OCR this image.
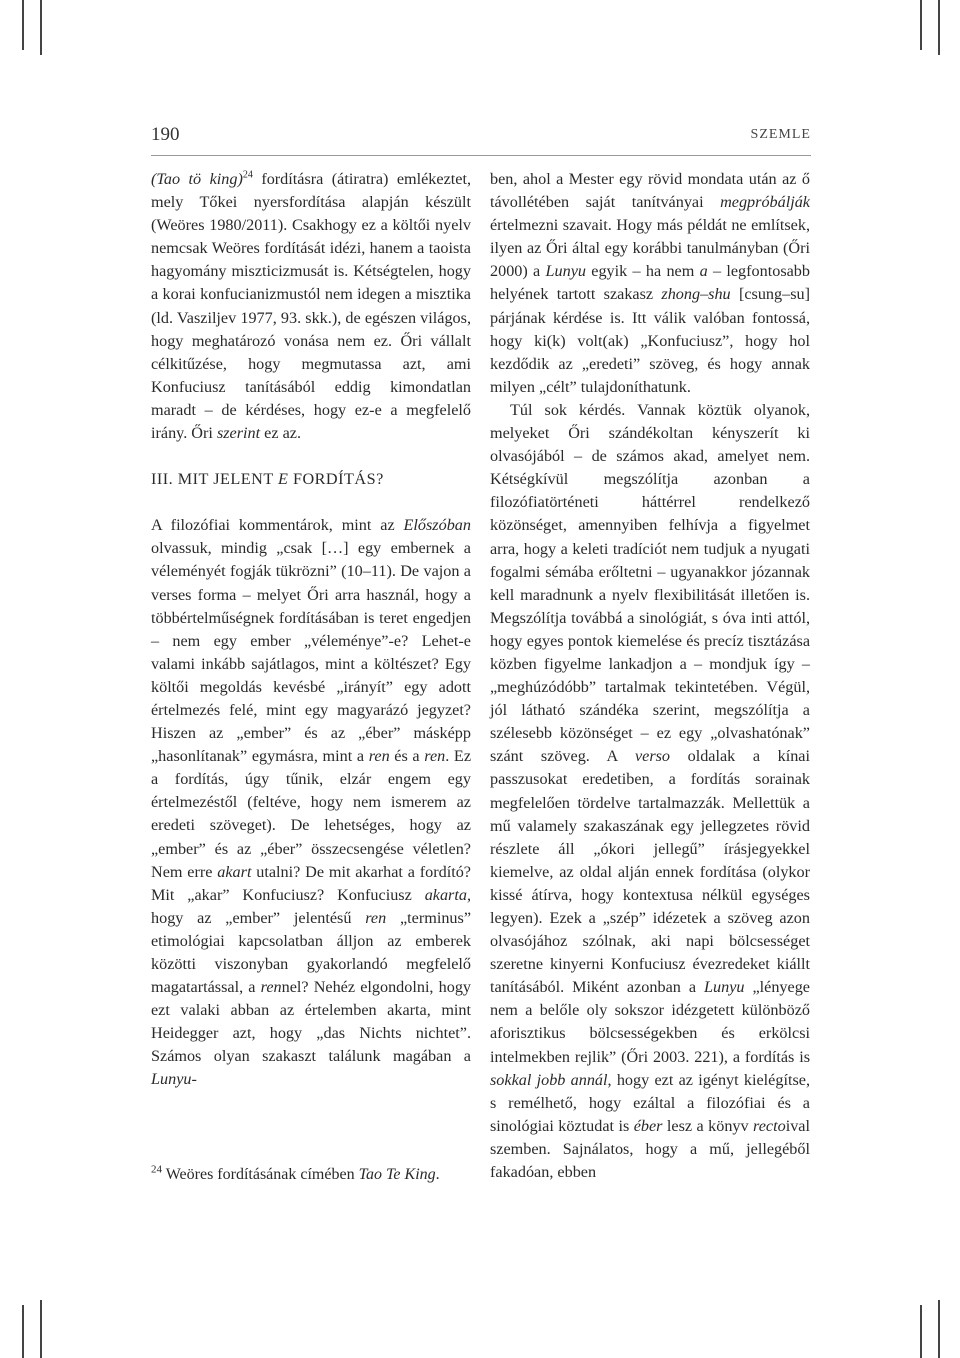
190	SZEMLE

(Tao tö king)$^{24}$ fordításra (átiratra) emlékeztet, mely Tőkei nyersfordítása alapján készült (Weöres 1980/2011). Csakhogy ez a költői nyelv nemcsak Weöres fordítását idézi, hanem a taoista hagyomány miszticizmusát is. Kétségtelen, hogy a korai konfucianizmustól nem idegen a misztika (ld. Vasziljev 1977, 93. skk.), de egészen világos, hogy meghatározó vonása nem ez. Őri vállalt célkitűzése, hogy megmutassa azt, ami Konfuciusz tanításából eddig kimondatlan maradt – de kérdéses, hogy ez-e a megfelelő irány. Őri szerint ez az.

III. MIT JELENT E FORDÍTÁS?

A filozófiai kommentárok, mint az Előszóban olvassuk, mindig „csak […] egy embernek a véleményét fogják tükrözni” (10–11). De vajon a verses forma – melyet Őri arra használ, hogy a többértelműségnek fordításában is teret engedjen – nem egy ember „véleménye”-e? Lehet-e valami inkább sajátlagos, mint a költészet? Egy költői megoldás kevésbé „irányít” egy adott értelmezés felé, mint egy magyarázó jegyzet? Hiszen az „ember” és az „éber” másképp „hasonlítanak” egymásra, mint a ren és a ren. Ez a fordítás, úgy tűnik, elzár engem egy értelmezéstől (feltéve, hogy nem ismerem az eredeti szöveget). De lehetséges, hogy az „ember” és az „éber” összecsengése véletlen? Nem erre akart utalni? De mit akarhat a fordító? Mit „akar” Konfuciusz? Konfuciusz akarta, hogy az „ember” jelentésű ren „terminus” etimológiai kapcsolatban álljon az emberek közötti viszonyban gyakorlandó megfelelő magatartással, a rennel? Nehéz elgondolni, hogy ezt valaki abban az értelemben akarta, mint Heidegger azt, hogy „das Nichts nichtet”. Számos olyan szakaszt találunk magában a Lunyu-

$^{24}$ Weöres fordításának címében Tao Te King.

ben, ahol a Mester egy rövid mondata után az ő távollétében saját tanítványai megpróbálják értelmezni szavait. Hogy más példát ne említsek, ilyen az Őri által egy korábbi tanulmányban (Őri 2000) a Lunyu egyik – ha nem a – legfontosabb helyének tartott szakasz zhong–shu [csung–su] párjának kérdése is. Itt válik valóban fontossá, hogy ki(k) volt(ak) „Konfuciusz”, hogy hol kezdődik az „eredeti” szöveg, és hogy annak milyen „célt” tulajdoníthatunk.

Túl sok kérdés. Vannak köztük olyanok, melyeket Őri szándékoltan kényszerít ki olvasójából – de számos akad, amelyet nem. Kétségkívül megszólítja azonban a filozófiatörténeti háttérrel rendelkező közönséget, amennyiben felhívja a figyelmet arra, hogy a keleti tradíciót nem tudjuk a nyugati fogalmi sémába erőltetni – ugyanakkor józannak kell maradnunk a nyelv flexibilitását illetően is. Megszólítja továbbá a sinológiát, s óva inti attól, hogy egyes pontok kiemelése és precíz tisztázása közben figyelme lankadjon a – mondjuk így – „meghúzódóbb” tartalmak tekintetében. Végül, jól látható szándéka szerint, megszólítja a szélesebb közönséget – ez egy „olvashatónak” szánt szöveg. A verso oldalak a kínai passzusokat eredetiben, a fordítás sorainak megfelelően tördelve tartalmazzák. Mellettük a mű valamely szakaszának egy jellegzetes rövid részlete áll „ókori jellegű” írásjegyekkel kiemelve, az oldal alján ennek fordítása (olykor kissé átírva, hogy kontextusa nélkül egységes legyen). Ezek a „szép” idézetek a szöveg azon olvasójához szólnak, aki napi bölcsességet szeretne kinyerni Konfuciusz évezredeket kiállt tanításából. Miként azonban a Lunyu „lényege nem a belőle oly sokszor idézgetett különböző aforisztikus bölcsességekben és erkölcsi intelmekben rejlik” (Őri 2003. 221), a fordítás is sokkal jobb annál, hogy ezt az igényt kielégítse, s remélhető, hogy ezáltal a filozófiai és a sinológiai köztudat is éber lesz a könyv rectoival szemben. Sajnálatos, hogy a mű, jellegéből fakadóan, ebben
